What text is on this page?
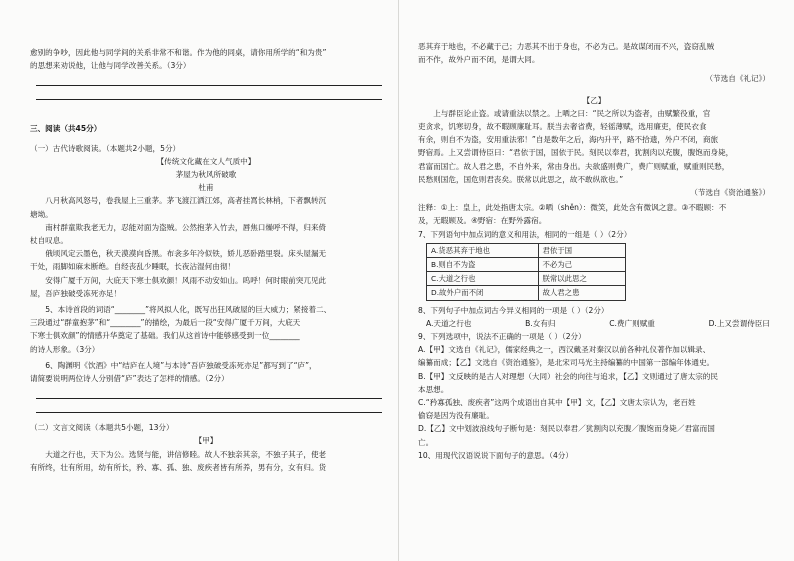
愈别的争吵，因此他与同学间的关系非常不和谐。作为他的同桌，请你用所学的“和为贵”

的思想来劝说他，让他与同学改善关系。（3分）

三、阅读（共45分）

（一）古代诗歌阅读。（本题共2小题，5分）

【传统文化藏在文人气质中】

茅屋为秋风所破歌

杜甫

八月秋高风怒号，卷我屋上三重茅。茅飞渡江洒江郊，高者挂罥长林梢，下者飘转沉

塘坳。

南村群童欺我老无力，忍能对面为盗贼。公然抱茅入竹去，唇焦口燥呼不得，归来倚

杖自叹息。

俄顷风定云墨色，秋天漠漠向昏黑。布衾多年冷似铁，娇儿恶卧踏里裂。床头屋漏无

干处，雨脚如麻未断绝。自经丧乱少睡眠，长夜沾湿何由彻！

安得广厦千万间，大庇天下寒士俱欢颜！风雨不动安如山。呜呼！何时眼前突兀见此

屋，吾庐独破受冻死亦足！

5、本诗首段的词语“________”将风拟人化，既写出狂风破屋的巨大威力；紧接着二、

三段通过“群童抱茅”和“________”的描绘，为最后一段“安得广厦千万间，大庇天

下寒士俱欢颜”的情感升华奠定了基础。我们从这首诗中能够感受到一位________

的诗人形象。（3分）

6、陶渊明《饮酒》中“结庐在人境”与本诗“吾庐独破受冻死亦足”都写到了“庐”，

请简要说明两位诗人分别借“庐”表达了怎样的情感。（2分）

（二）文言文阅读（本题共5小题，13分）

【甲】

大道之行也，天下为公。选贤与能，讲信修睦。故人不独亲其亲，不独子其子，使老

有所终，壮有所用，幼有所长，矜、寡、孤、独、废疾者皆有所养，男有分，女有归。货

恶其弃于地也，不必藏于己；力恶其不出于身也，不必为己。是故谋闭而不兴，盗窃乱贼

而不作，故外户而不闭，是谓大同。

（节选自《礼记》）

【乙】

上与群臣论止盗。或请重法以禁之。上哂之曰：“民之所以为盗者，由赋繁役重，官

吏贪求，饥寒切身，故不暇顾廉耻耳。朕当去奢省费，轻徭薄赋，选用廉吏，使民衣食

有余，则自不为盗，安用重法邪！”自是数年之后，海内升平，路不拾遗，外户不闭，商旅

野宿焉。上又尝谓侍臣曰：“君依于国，国依于民。刻民以奉君，犹割肉以充腹，腹饱而身毙，

君富而国亡。故人君之患，不自外来，常由身出。夫欲盛则费广，费广则赋重，赋重则民愁，

民愁则国危，国危则君丧矣。朕常以此思之，故不敢纵欲也。”

（节选自《资治通鉴》）

注释：①上：皇上，此处指唐太宗。②哂（shěn）：微笑，此处含有微讽之意。③不暇顾：不

及，无暇顾及。④野宿：在野外露宿。

7、下列语句中加点词的意义和用法，相同的一组是（ ）（2分）

A.货恶其弃于地也	君依于国
B.则自不为盗	不必为己
C.大道之行也	朕常以此思之
D.故外户而不闭	故人君之患

8、下列句子中加点词古今异义相同的一项是（ ）（2分）

A.天道之行也	B.女有归	C.费广则赋重	D.上又尝谓侍臣曰

9、下列选项中，说法不正确的一项是（ ）（2分）

A.【甲】文选自《礼记》，儒家经典之一，西汉戴圣对秦汉以前各种礼仪著作加以辑录、

编纂而成；【乙】文选自《资治通鉴》，是北宋司马光主持编纂的中国第一部编年体通史。

B.【甲】文反映的是古人对理想（大同）社会的向往与追求，【乙】文则通过了唐太宗的民

本思想。

C.“矜寡孤独、废疾者”这两个成语出自其中【甲】文，【乙】文唐太宗认为，老百姓

偷窃是因为没有廉耻。

D.【乙】文中划波浪线句子断句是：刻民以奉君／犹割肉以充腹／腹饱而身毙／君富而国

亡。

10、用现代汉语说说下面句子的意思。（4分）
